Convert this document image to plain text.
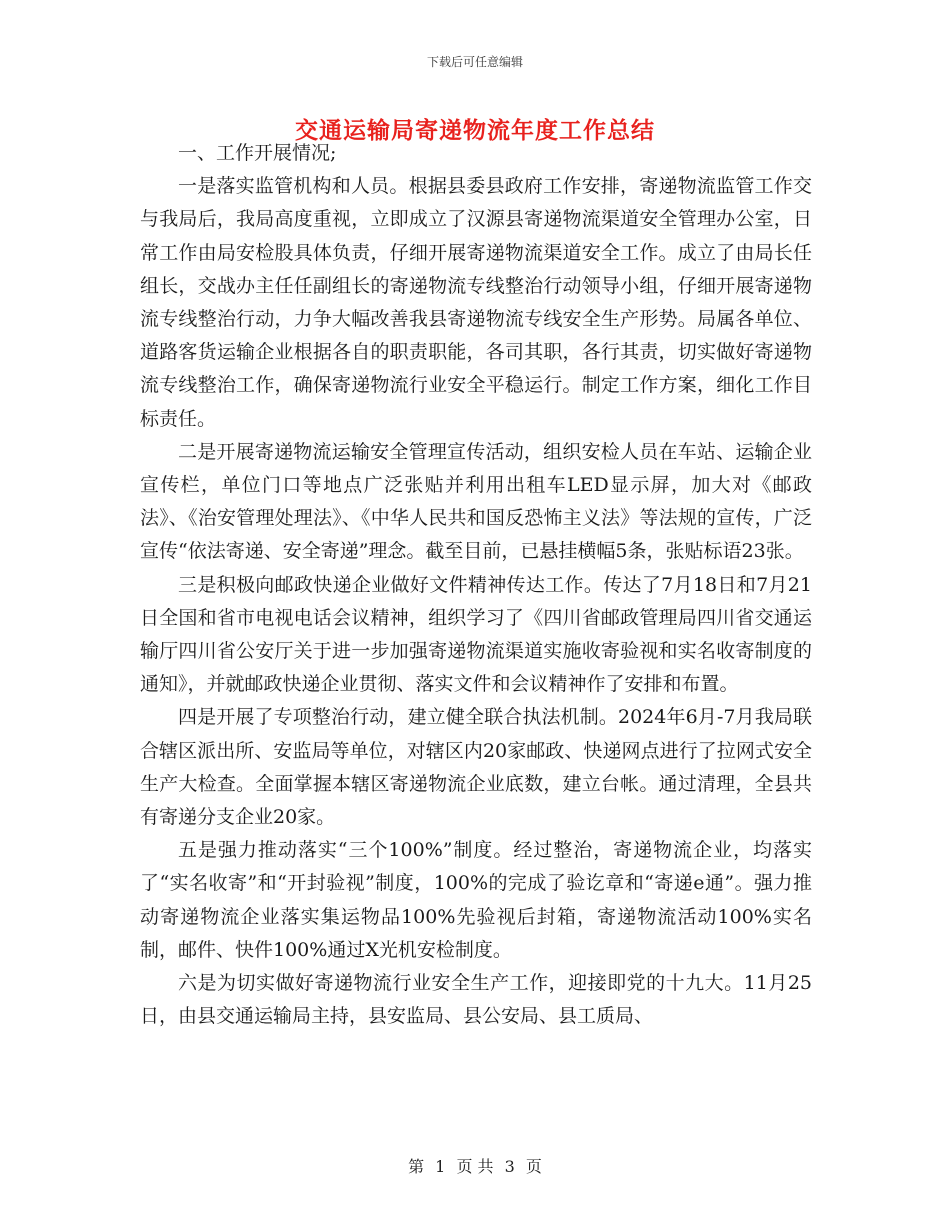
下载后可任意编辑
交通运输局寄递物流年度工作总结

一、工作开展情况;

一是落实监管机构和人员。根据县委县政府工作安排，寄递物流监管工作交与我局后，我局高度重视，立即成立了汉源县寄递物流渠道安全管理办公室，日常工作由局安检股具体负责，仔细开展寄递物流渠道安全工作。成立了由局长任组长，交战办主任任副组长的寄递物流专线整治行动领导小组，仔细开展寄递物流专线整治行动，力争大幅改善我县寄递物流专线安全生产形势。局属各单位、道路客货运输企业根据各自的职责职能，各司其职，各行其责，切实做好寄递物流专线整治工作，确保寄递物流行业安全平稳运行。制定工作方案，细化工作目标责任。

二是开展寄递物流运输安全管理宣传活动，组织安检人员在车站、运输企业宣传栏，单位门口等地点广泛张贴并利用出租车LED显示屏，加大对《邮政法》、《治安管理处理法》、《中华人民共和国反恐怖主义法》等法规的宣传，广泛宣传“依法寄递、安全寄递”理念。截至目前，已悬挂横幅5条，张贴标语23张。

三是积极向邮政快递企业做好文件精神传达工作。传达了7月18日和7月21日全国和省市电视电话会议精神，组织学习了《四川省邮政管理局四川省交通运输厅四川省公安厅关于进一步加强寄递物流渠道实施收寄验视和实名收寄制度的通知》，并就邮政快递企业贯彻、落实文件和会议精神作了安排和布置。

四是开展了专项整治行动，建立健全联合执法机制。2024年6月-7月我局联合辖区派出所、安监局等单位，对辖区内20家邮政、快递网点进行了拉网式安全生产大检查。全面掌握本辖区寄递物流企业底数，建立台帐。通过清理，全县共有寄递分支企业20家。

五是强力推动落实“三个100%”制度。经过整治，寄递物流企业，均落实了“实名收寄”和“开封验视”制度，100%的完成了验讫章和“寄递e通”。强力推动寄递物流企业落实集运物品100%先验视后封箱，寄递物流活动100%实名制，邮件、快件100%通过X光机安检制度。

六是为切实做好寄递物流行业安全生产工作，迎接即党的十九大。11月25日，由县交通运输局主持，县安监局、县公安局、县工质局、

第 1 页 共 3 页
